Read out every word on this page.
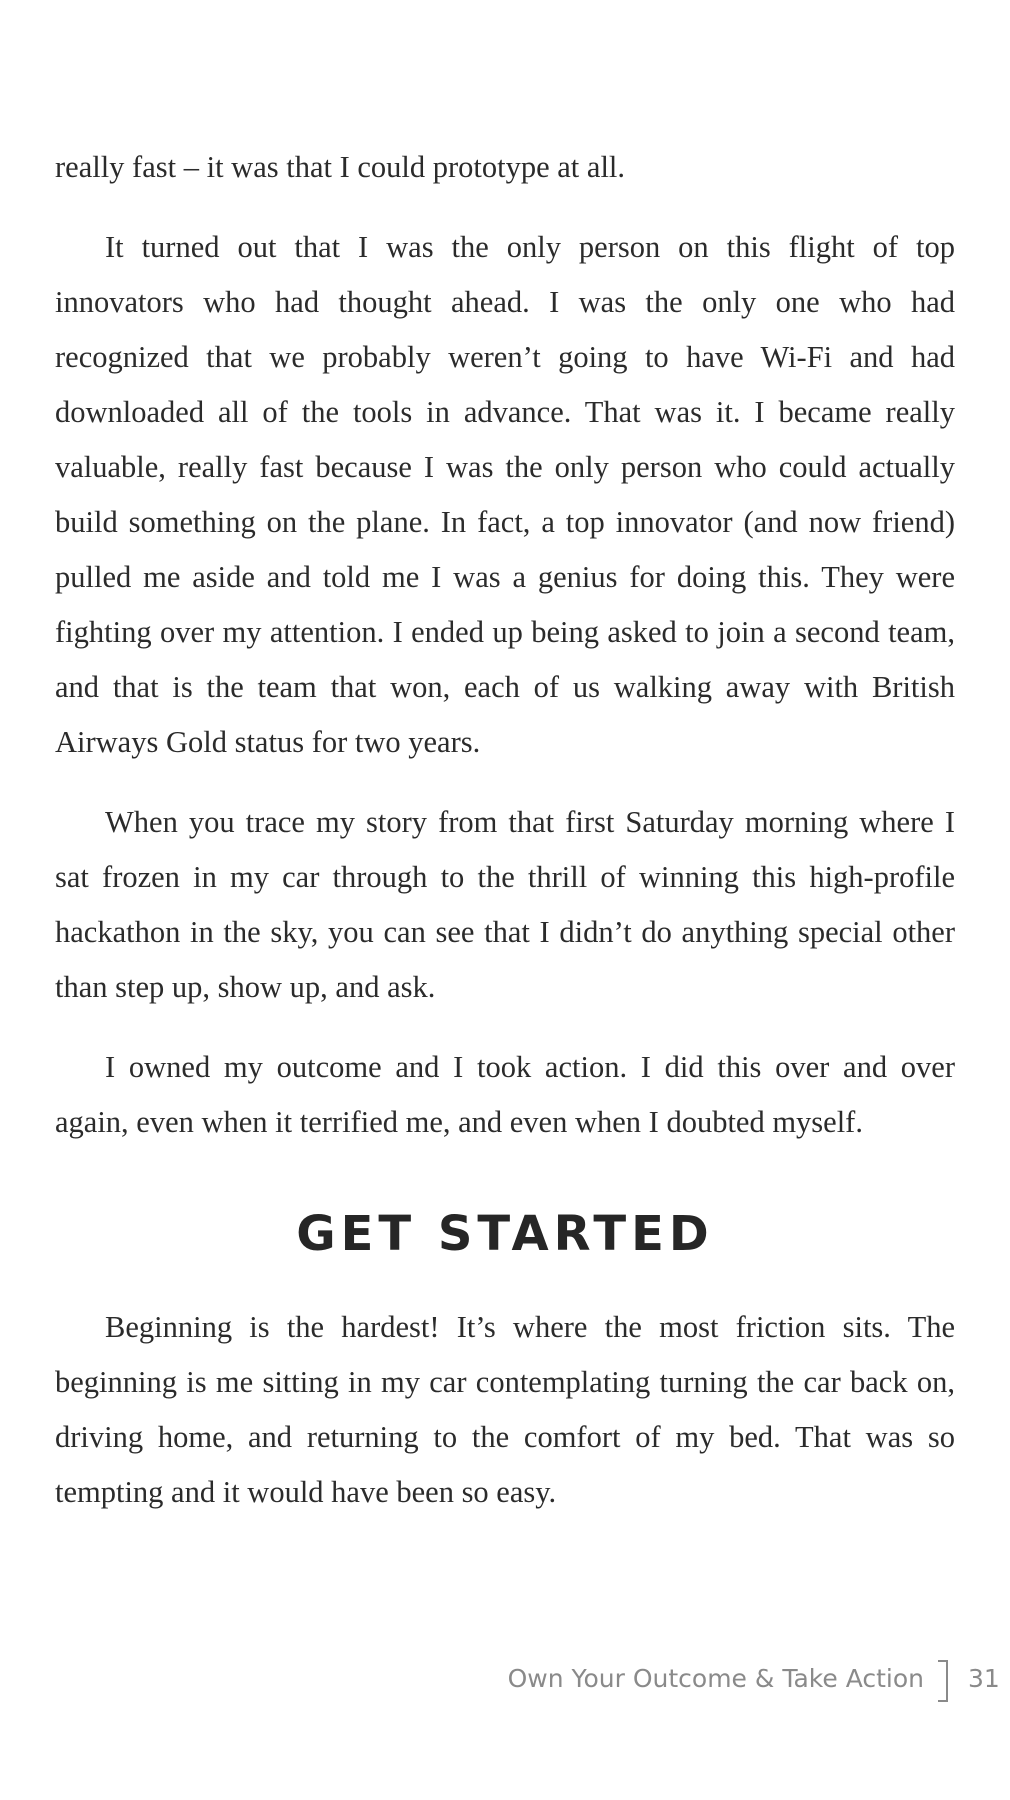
really fast – it was that I could prototype at all.

It turned out that I was the only person on this flight of top innovators who had thought ahead. I was the only one who had recognized that we probably weren’t going to have Wi-Fi and had downloaded all of the tools in advance. That was it. I became really valuable, really fast because I was the only person who could actually build something on the plane. In fact, a top innovator (and now friend) pulled me aside and told me I was a genius for doing this. They were fighting over my attention. I ended up being asked to join a second team, and that is the team that won, each of us walking away with British Airways Gold status for two years.

When you trace my story from that first Saturday morning where I sat frozen in my car through to the thrill of winning this high-profile hackathon in the sky, you can see that I didn’t do anything special other than step up, show up, and ask.

I owned my outcome and I took action. I did this over and over again, even when it terrified me, and even when I doubted myself.

GET STARTED

Beginning is the hardest! It’s where the most friction sits. The beginning is me sitting in my car contemplating turning the car back on, driving home, and returning to the comfort of my bed. That was so tempting and it would have been so easy.

Own Your Outcome & Take Action 31
